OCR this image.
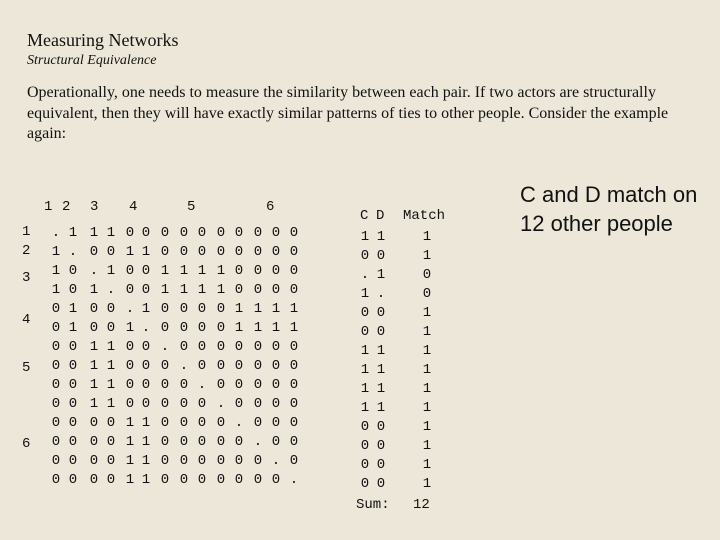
Measuring Networks
Structural Equivalence
Operationally, one needs to measure the similarity between each pair. If two actors are structurally equivalent, then they will have exactly similar patterns of ties to other people. Consider the example again:
1 2 3 4	5	6
1
2
3
4
5
6
. 1 1 1 0 0 0 0 0 0 0 0 0 0
1 . 0 0 1 1 0 0 0 0 0 0 0 0
1 0 . 1 0 0 1 1 1 1 0 0 0 0
1 0 1 . 0 0 1 1 1 1 0 0 0 0
0 1 0 0 . 1 0 0 0 0 1 1 1 1
0 1 0 0 1 . 0 0 0 0 1 1 1 1
0 0 1 1 0 0 . 0 0 0 0 0 0 0
0 0 1 1 0 0 0 . 0 0 0 0 0 0
0 0 1 1 0 0 0 0 . 0 0 0 0 0
0 0 1 1 0 0 0 0 0 . 0 0 0 0
0 0 0 0 1 1 0 0 0 0 . 0 0 0
0 0 0 0 1 1 0 0 0 0 0 . 0 0
0 0 0 0 1 1 0 0 0 0 0 0 . 0
0 0 0 0 1 1 0 0 0 0 0 0 0 .
C D Match
1 1	1
0 0	1
. 1	0
1 .	0
0 0	1
0 0	1
1 1	1
1 1	1
1 1	1
1 1	1
0 0	1
0 0	1
0 0	1
0 0	1
Sum: 12
C and D match on 12 other people
